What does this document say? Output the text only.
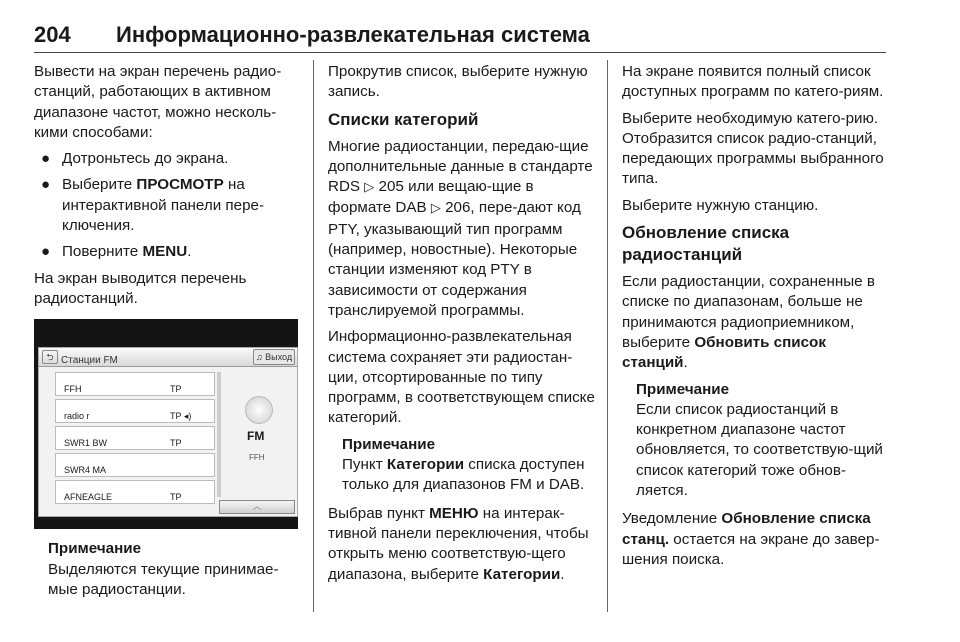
204 Информационно-развлекательная система

Вывести на экран перечень радио-станций, работающих в активном диапазоне частот, можно несколь-кими способами:

● Дотроньтесь до экрана.
● Выберите ПРОСМОТР на интерактивной панели пере-ключения.
● Поверните MENU.

На экран выводится перечень радиостанций.

⮌ Станции FM	♫ Выход
FFH	TP
radio r	TP ◂)
SWR1 BW	TP
SWR4 MA
AFNEAGLE	TP
FM
FFH
︿
Примечание
Выделяются текущие принимае-мые радиостанции.

Прокрутив список, выберите нужную запись.

Списки категорий

Многие радиостанции, передаю-щие дополнительные данные в стандарте RDS ▷ 205 или вещаю-щие в формате DAB ▷ 206, пере-дают код PTY, указывающий тип программ (например, новостные). Некоторые станции изменяют код PTY в зависимости от содержания транслируемой программы.

Информационно-развлекательная система сохраняет эти радиостан-ции, отсортированные по типу программ, в соответствующем списке категорий.

Примечание
Пункт Категории списка доступен только для диапазонов FM и DAB.

Выбрав пункт МЕНЮ на интерак-тивной панели переключения, чтобы открыть меню соответствую-щего диапазона, выберите Категории.

На экране появится полный список доступных программ по катего-риям.

Выберите необходимую катего-рию. Отобразится список радио-станций, передающих программы выбранного типа.

Выберите нужную станцию.

Обновление списка радиостанций

Если радиостанции, сохраненные в списке по диапазонам, больше не принимаются радиоприемником, выберите Обновить список станций.

Примечание
Если список радиостанций в конкретном диапазоне частот обновляется, то соответствую-щий список категорий тоже обнов-ляется.

Уведомление Обновление списка станц. остается на экране до завер-шения поиска.
